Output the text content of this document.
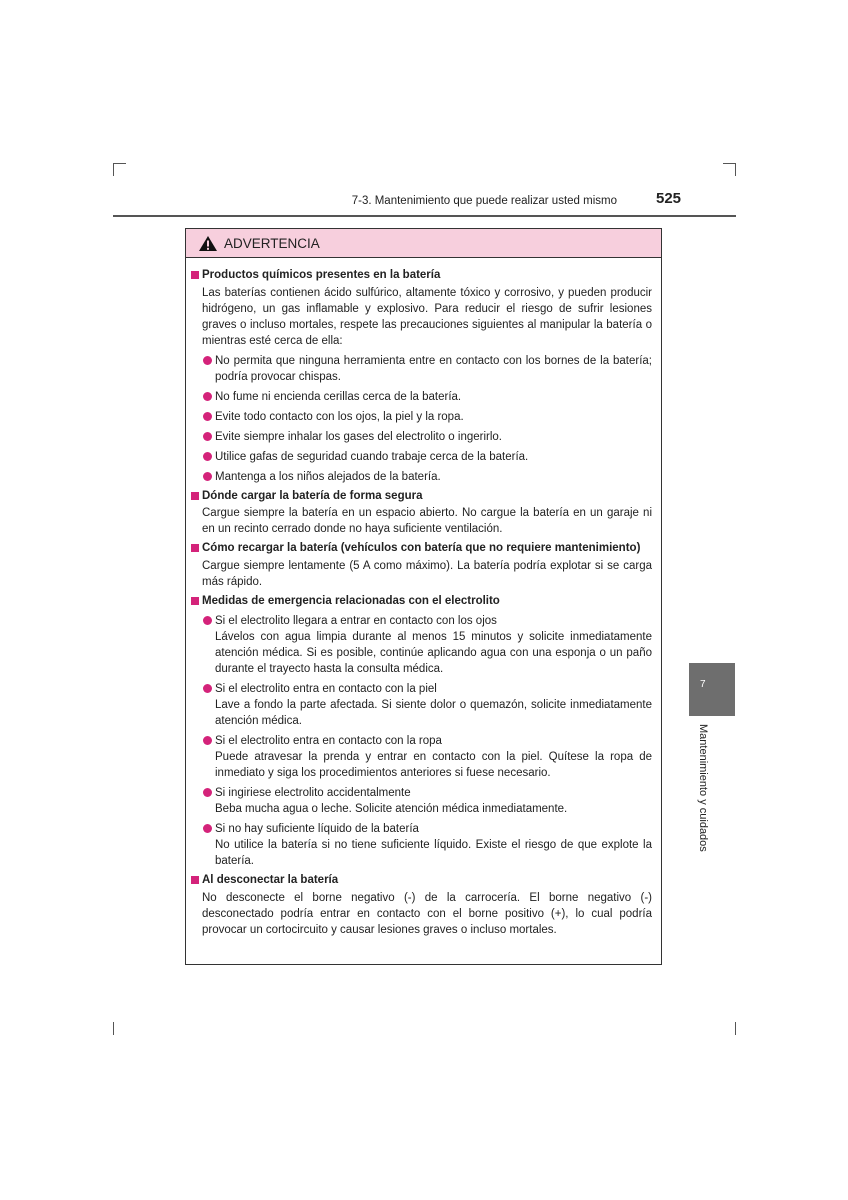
7-3. Mantenimiento que puede realizar usted mismo	525
7
Mantenimiento y cuidados
ADVERTENCIA
Productos químicos presentes en la batería
Las baterías contienen ácido sulfúrico, altamente tóxico y corrosivo, y pueden producir hidrógeno, un gas inflamable y explosivo. Para reducir el riesgo de sufrir lesiones graves o incluso mortales, respete las precauciones siguientes al manipular la batería o mientras esté cerca de ella:
No permita que ninguna herramienta entre en contacto con los bornes de la batería; podría provocar chispas.
No fume ni encienda cerillas cerca de la batería.
Evite todo contacto con los ojos, la piel y la ropa.
Evite siempre inhalar los gases del electrolito o ingerirlo.
Utilice gafas de seguridad cuando trabaje cerca de la batería.
Mantenga a los niños alejados de la batería.
Dónde cargar la batería de forma segura
Cargue siempre la batería en un espacio abierto. No cargue la batería en un garaje ni en un recinto cerrado donde no haya suficiente ventilación.
Cómo recargar la batería (vehículos con batería que no requiere mantenimiento)
Cargue siempre lentamente (5 A como máximo). La batería podría explotar si se carga más rápido.
Medidas de emergencia relacionadas con el electrolito
Si el electrolito llegara a entrar en contacto con los ojos
Lávelos con agua limpia durante al menos 15 minutos y solicite inmediatamente atención médica. Si es posible, continúe aplicando agua con una esponja o un paño durante el trayecto hasta la consulta médica.
Si el electrolito entra en contacto con la piel
Lave a fondo la parte afectada. Si siente dolor o quemazón, solicite inmediatamente atención médica.
Si el electrolito entra en contacto con la ropa
Puede atravesar la prenda y entrar en contacto con la piel. Quítese la ropa de inmediato y siga los procedimientos anteriores si fuese necesario.
Si ingiriese electrolito accidentalmente
Beba mucha agua o leche. Solicite atención médica inmediatamente.
Si no hay suficiente líquido de la batería
No utilice la batería si no tiene suficiente líquido. Existe el riesgo de que explote la batería.
Al desconectar la batería
No desconecte el borne negativo (-) de la carrocería. El borne negativo (-) desconectado podría entrar en contacto con el borne positivo (+), lo cual podría provocar un cortocircuito y causar lesiones graves o incluso mortales.
